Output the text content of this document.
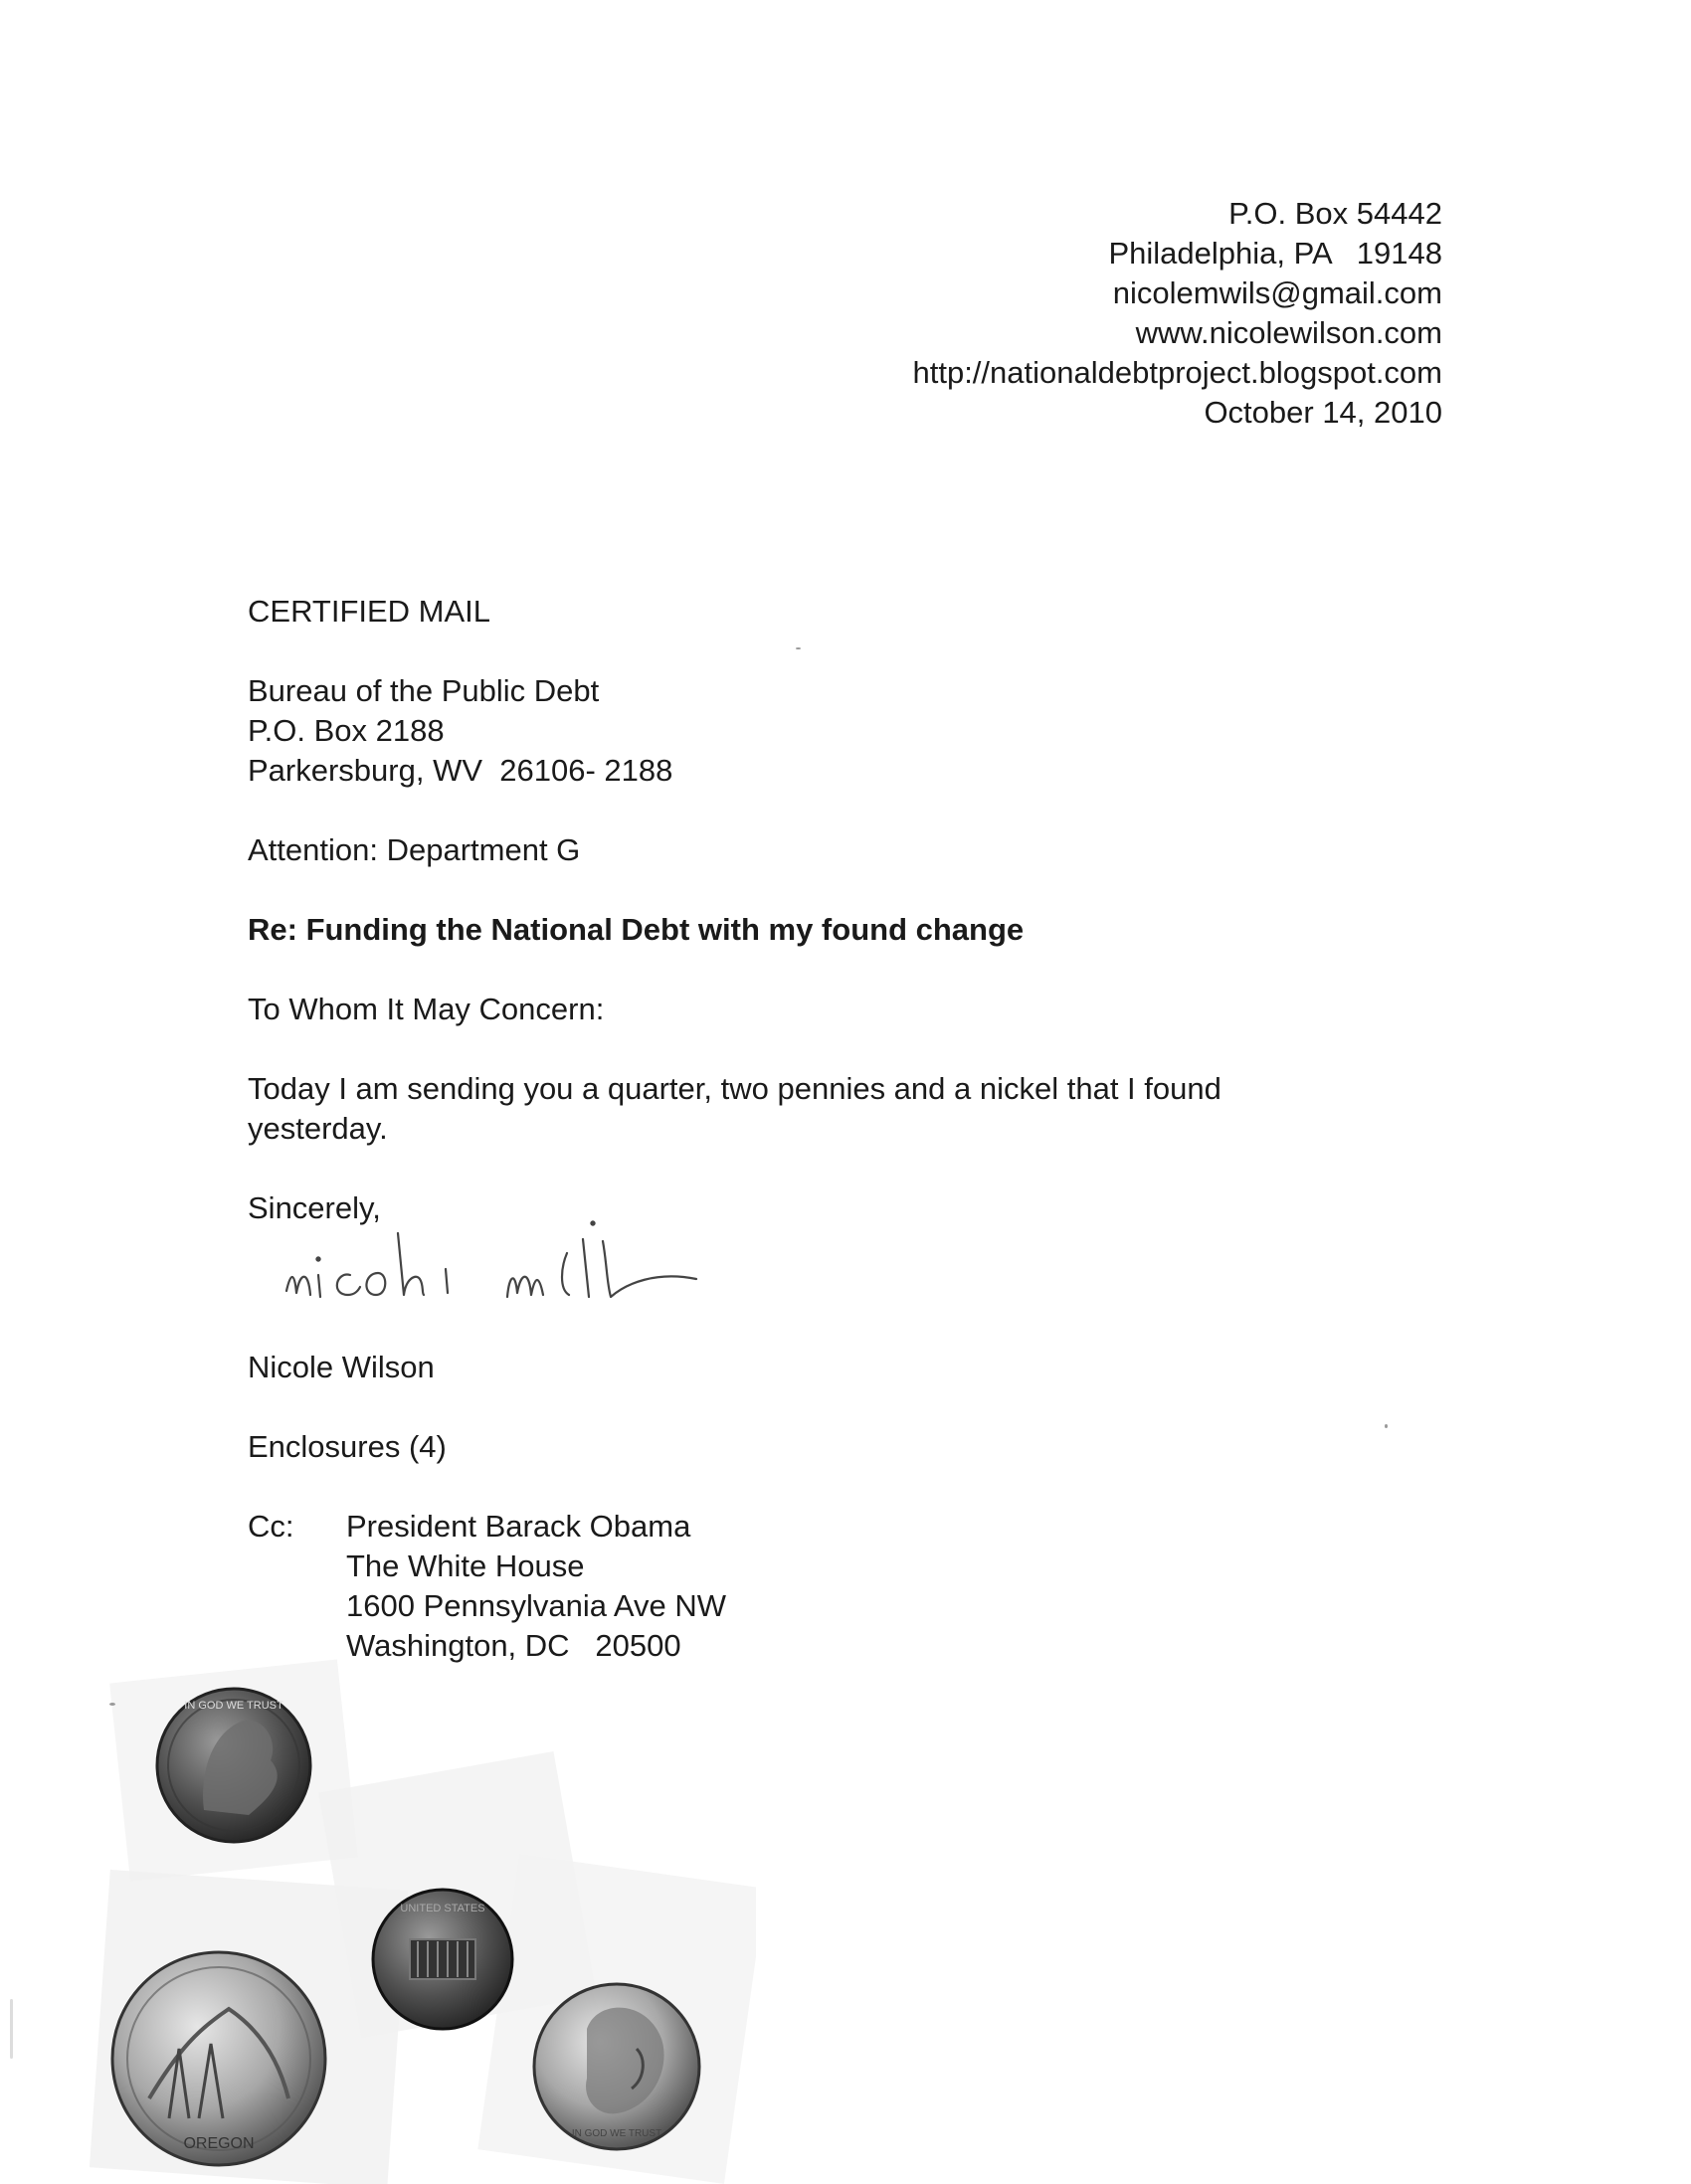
P.O. Box 54442
Philadelphia, PA   19148
nicolemwils@gmail.com
www.nicolewilson.com
http://nationaldebtproject.blogspot.com
October 14, 2010
CERTIFIED MAIL
Bureau of the Public Debt
P.O. Box 2188
Parkersburg, WV  26106- 2188
Attention: Department G
Re: Funding the National Debt with my found change
To Whom It May Concern:
Today I am sending you a quarter, two pennies and a nickel that I found
yesterday.
Sincerely,
Nicole Wilson
Enclosures (4)
Cc: President Barack Obama
The White House
1600 Pennsylvania Ave NW
Washington, DC   20500
IN GOD WE TRUST
OREGON
UNITED STATES
IN GOD WE TRUST
